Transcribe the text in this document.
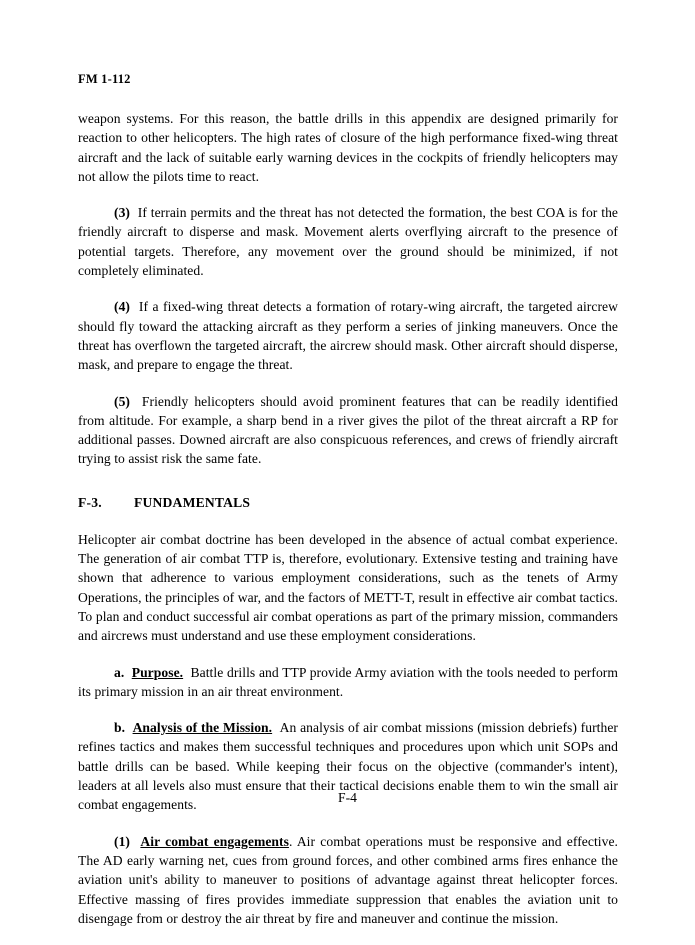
FM 1-112

weapon systems. For this reason, the battle drills in this appendix are designed primarily for reaction to other helicopters. The high rates of closure of the high performance fixed-wing threat aircraft and the lack of suitable early warning devices in the cockpits of friendly helicopters may not allow the pilots time to react.

(3) If terrain permits and the threat has not detected the formation, the best COA is for the friendly aircraft to disperse and mask. Movement alerts overflying aircraft to the presence of potential targets. Therefore, any movement over the ground should be minimized, if not completely eliminated.

(4) If a fixed-wing threat detects a formation of rotary-wing aircraft, the targeted aircrew should fly toward the attacking aircraft as they perform a series of jinking maneuvers. Once the threat has overflown the targeted aircraft, the aircrew should mask. Other aircraft should disperse, mask, and prepare to engage the threat.

(5) Friendly helicopters should avoid prominent features that can be readily identified from altitude. For example, a sharp bend in a river gives the pilot of the threat aircraft a RP for additional passes. Downed aircraft are also conspicuous references, and crews of friendly aircraft trying to assist risk the same fate.

F-3. FUNDAMENTALS

Helicopter air combat doctrine has been developed in the absence of actual combat experience. The generation of air combat TTP is, therefore, evolutionary. Extensive testing and training have shown that adherence to various employment considerations, such as the tenets of Army Operations, the principles of war, and the factors of METT-T, result in effective air combat tactics. To plan and conduct successful air combat operations as part of the primary mission, commanders and aircrews must understand and use these employment considerations.

a. Purpose. Battle drills and TTP provide Army aviation with the tools needed to perform its primary mission in an air threat environment.

b. Analysis of the Mission. An analysis of air combat missions (mission debriefs) further refines tactics and makes them successful techniques and procedures upon which unit SOPs and battle drills can be based. While keeping their focus on the objective (commander's intent), leaders at all levels also must ensure that their tactical decisions enable them to win the small air combat engagements.

(1) Air combat engagements. Air combat operations must be responsive and effective. The AD early warning net, cues from ground forces, and other combined arms fires enhance the aviation unit's ability to maneuver to positions of advantage against threat helicopter forces. Effective massing of fires provides immediate suppression that enables the aviation unit to disengage from or destroy the air threat by fire and maneuver and continue the mission.

F-4
